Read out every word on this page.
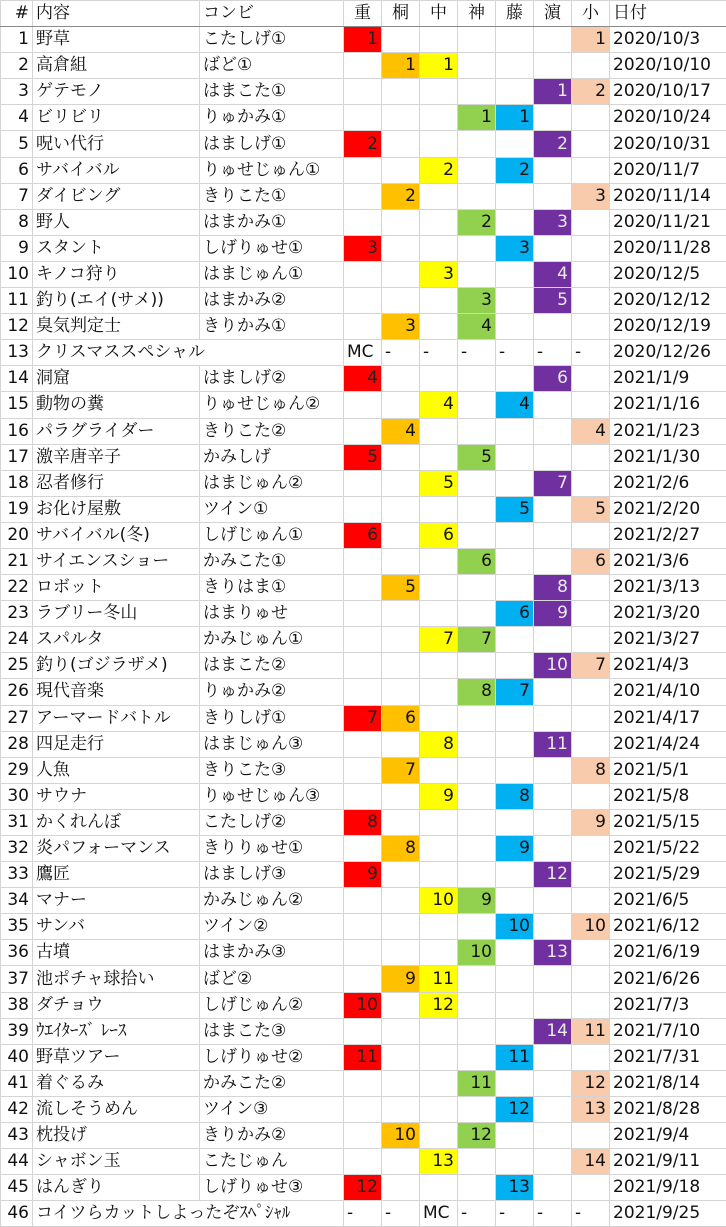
#	内容	コンビ	重	桐	中	神	藤	濵	小	日付
1	野草	こたしげ①	1						1	2020/10/3
2	高倉組	ばど①		1	1					2020/10/10
3	ゲテモノ	はまこた①						1	2	2020/10/17
4	ビリビリ	りゅかみ①				1	1			2020/10/24
5	呪い代行	はましげ①	2					2		2020/10/31
6	サバイバル	りゅせじゅん①			2		2			2020/11/7
7	ダイビング	きりこた①		2					3	2020/11/14
8	野人	はまかみ①				2		3		2020/11/21
9	スタント	しげりゅせ①	3				3			2020/11/28
10	キノコ狩り	はまじゅん①			3			4		2020/12/5
11	釣り(エイ(サメ))	はまかみ②				3		5		2020/12/12
12	臭気判定士	きりかみ①		3		4				2020/12/19
13	クリスマススペシャル		MC	-	-	-	-	-	-	2020/12/26
14	洞窟	はましげ②	4					6		2021/1/9
15	動物の糞	りゅせじゅん②			4		4			2021/1/16
16	パラグライダー	きりこた②		4					4	2021/1/23
17	激辛唐辛子	かみしげ	5			5				2021/1/30
18	忍者修行	はまじゅん②			5			7		2021/2/6
19	お化け屋敷	ツイン①					5		5	2021/2/20
20	サバイバル(冬)	しげじゅん①	6		6					2021/2/27
21	サイエンスショー	かみこた①				6			6	2021/3/6
22	ロボット	きりはま①		5				8		2021/3/13
23	ラブリー冬山	はまりゅせ					6	9		2021/3/20
24	スパルタ	かみじゅん①			7	7				2021/3/27
25	釣り(ゴジラザメ)	はまこた②						10	7	2021/4/3
26	現代音楽	りゅかみ②				8	7			2021/4/10
27	アーマードバトル	きりしげ①	7	6						2021/4/17
28	四足走行	はまじゅん③			8			11		2021/4/24
29	人魚	きりこた③		7					8	2021/5/1
30	サウナ	りゅせじゅん③			9		8			2021/5/8
31	かくれんぼ	こたしげ②	8						9	2021/5/15
32	炎パフォーマンス	きりりゅせ①		8			9			2021/5/22
33	鷹匠	はましげ③	9					12		2021/5/29
34	マナー	かみじゅん②			10	9				2021/6/5
35	サンバ	ツイン②					10		10	2021/6/12
36	古墳	はまかみ③				10		13		2021/6/19
37	池ポチャ球拾い	ばど②		9	11					2021/6/26
38	ダチョウ	しげじゅん②	10		12					2021/7/3
39	ｳｴｲﾀｰｽﾞ ﾚｰｽ	はまこた③						14	11	2021/7/10
40	野草ツアー	しげりゅせ②	11				11			2021/7/31
41	着ぐるみ	かみこた②				11			12	2021/8/14
42	流しそうめん	ツイン③					12		13	2021/8/28
43	枕投げ	きりかみ②		10		12				2021/9/4
44	シャボン玉	こたじゅん			13				14	2021/9/11
45	はんぎり	しげりゅせ③	12				13			2021/9/18
46	コイツらカットしよったぞｽﾍﾟｼｬﾙ		-	-	MC	-	-	-	-	2021/9/25
